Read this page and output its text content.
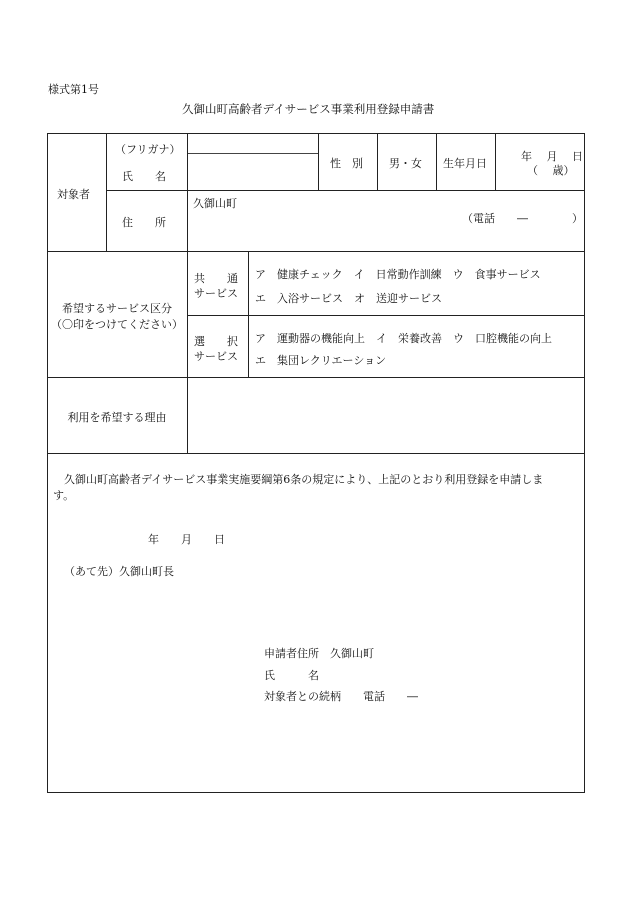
様式第1号
久御山町高齢者デイサービス事業利用登録申請書
対象者
（フリガナ）
氏　　名
性　別 男・女 生年月日
年　 月　 日
（　 歳）
住　　所
久御山町
（電話　　―　　　　）
希望するサービス区分
（〇印をつけてください）
共　　通
サービス
ア　健康チェック　イ　日常動作訓練　ウ　食事サービス
エ　入浴サービス　オ　送迎サービス
選　　択
サービス
ア　運動器の機能向上　イ　栄養改善　ウ　口腔機能の向上
エ　集団レクリエーション
利用を希望する理由
久御山町高齢者デイサービス事業実施要綱第6条の規定により、上記のとおり利用登録を申請しま
す。
年　　月　　日
（あて先）久御山町長
申請者住所　久御山町
氏　　　名
対象者との続柄　　電話　　―
